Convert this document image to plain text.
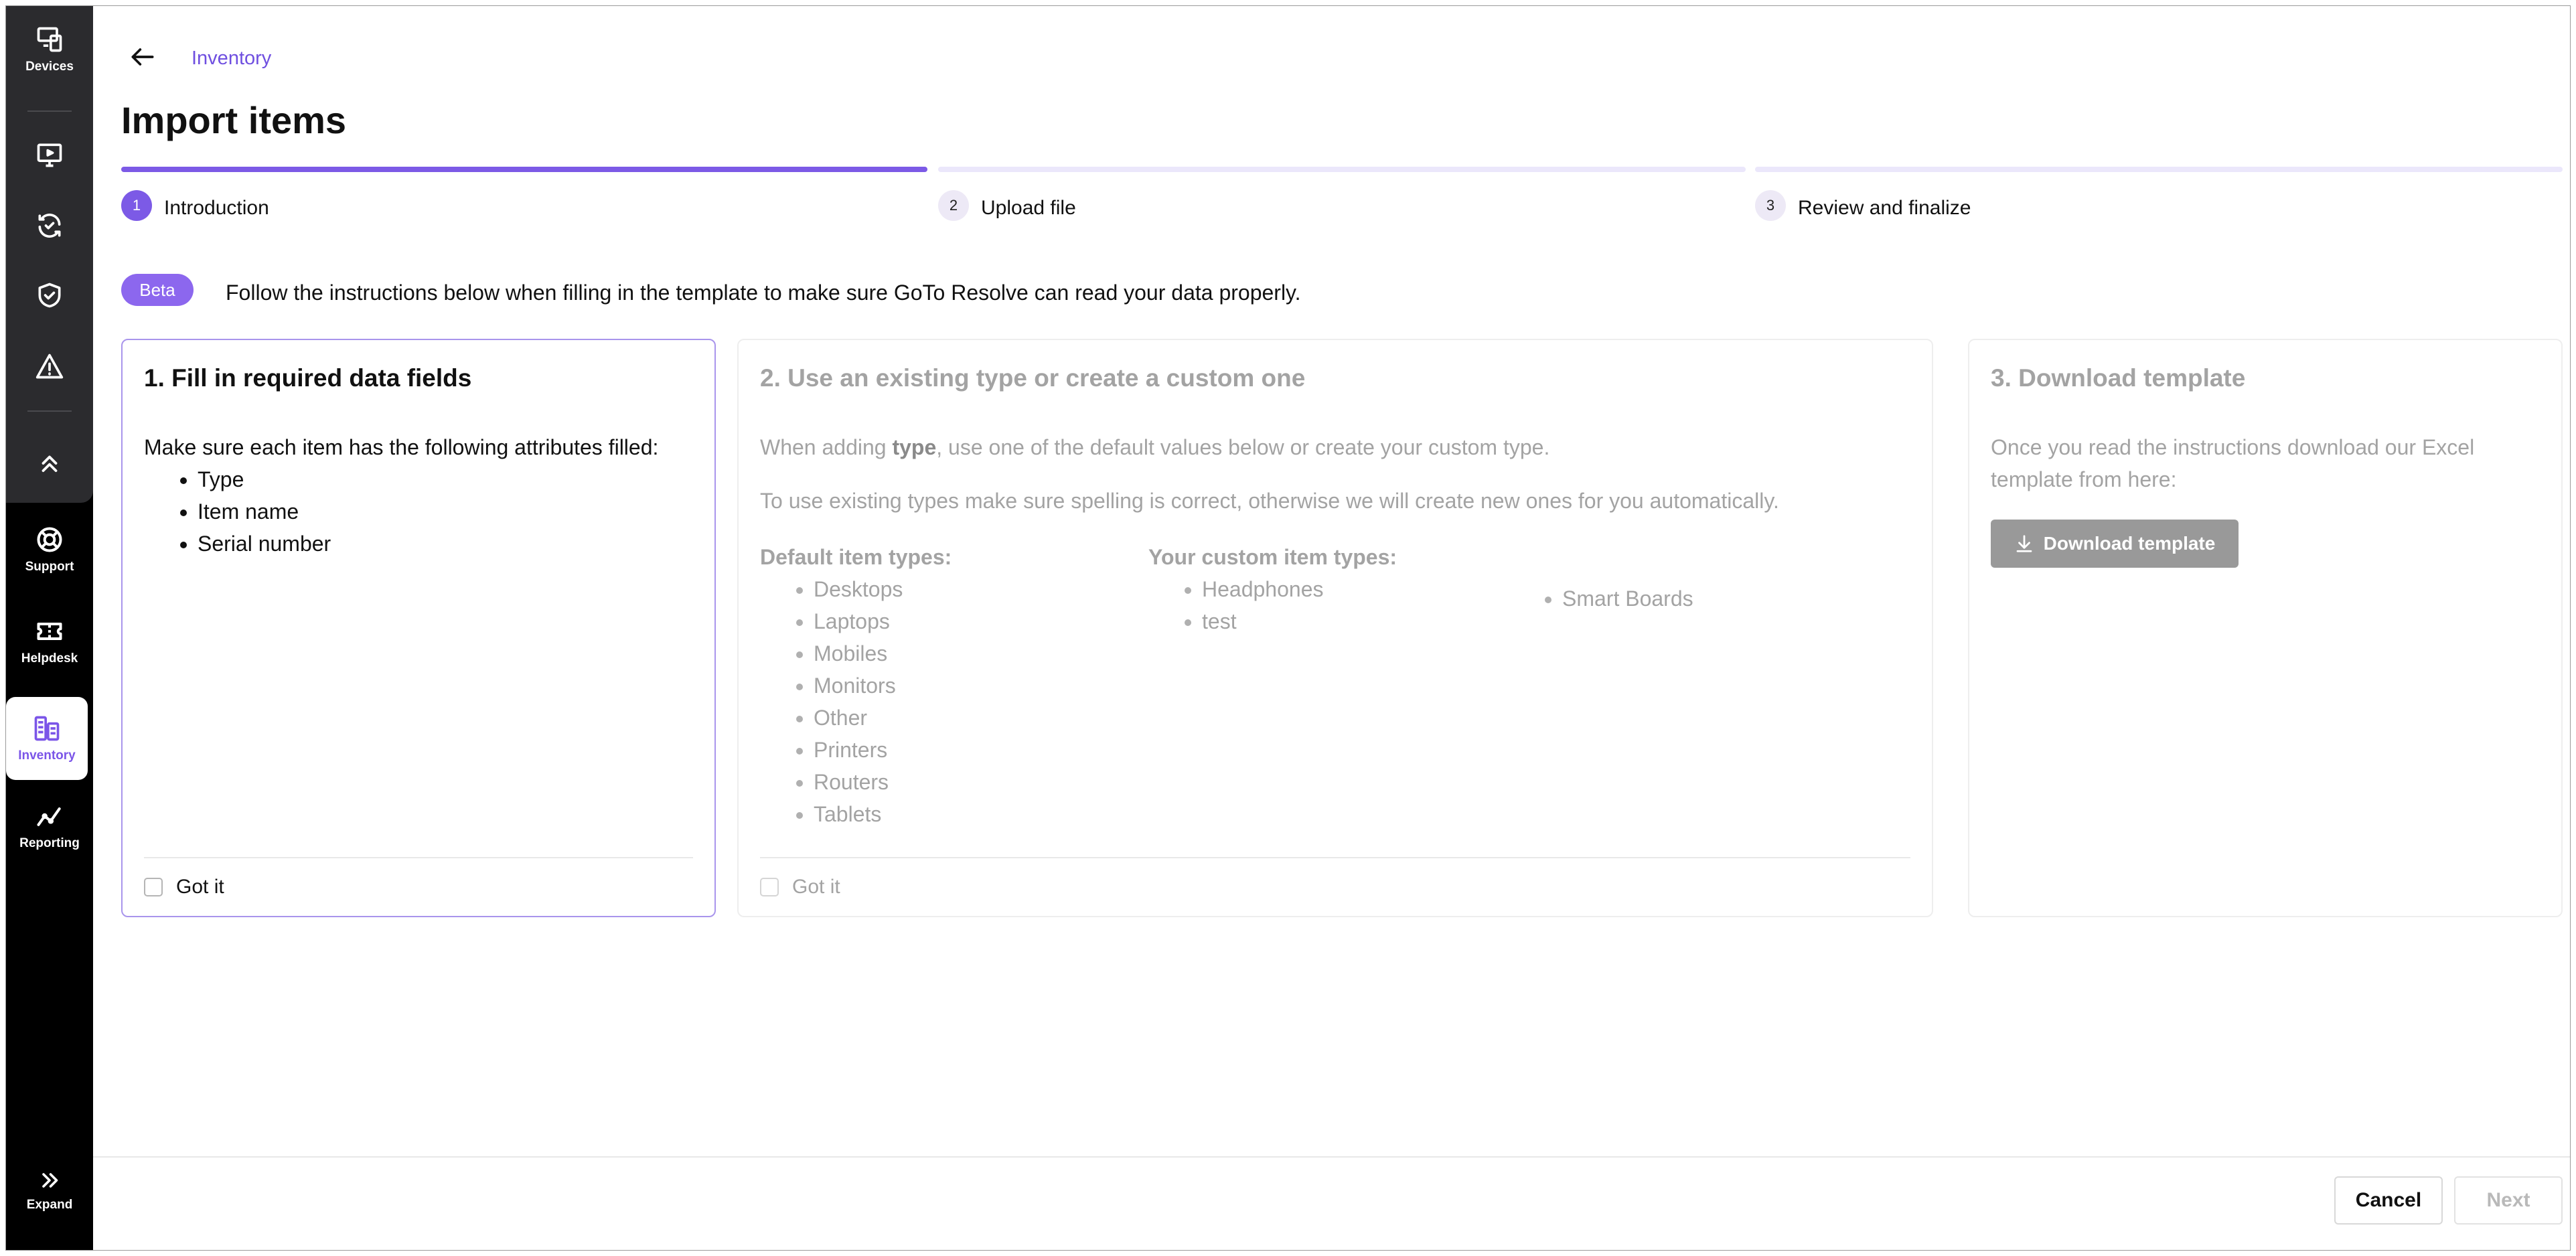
Devices
Support
Helpdesk
Inventory
Reporting
Expand
Inventory
Import items
1	Introduction	2	Upload file	3	Review and finalize
Beta	Follow the instructions below when filling in the template to make sure GoTo Resolve can read your data properly.

1. Fill in required data fields

Make sure each item has the following attributes filled:

• Type
• Item name
• Serial number
Got it
2. Use an existing type or create a custom one

When adding type, use one of the default values below or create your custom type.

To use existing types make sure spelling is correct, otherwise we will create new ones for you automatically.

Default item types:
• Desktops
• Laptops
• Mobiles
• Monitors
• Other
• Printers
• Routers
• Tablets
Your custom item types:
• Headphones
• test
• Smart Boards
Got it
3. Download template

Once you read the instructions download our Excel template from here:

Download template
Cancel	Next
